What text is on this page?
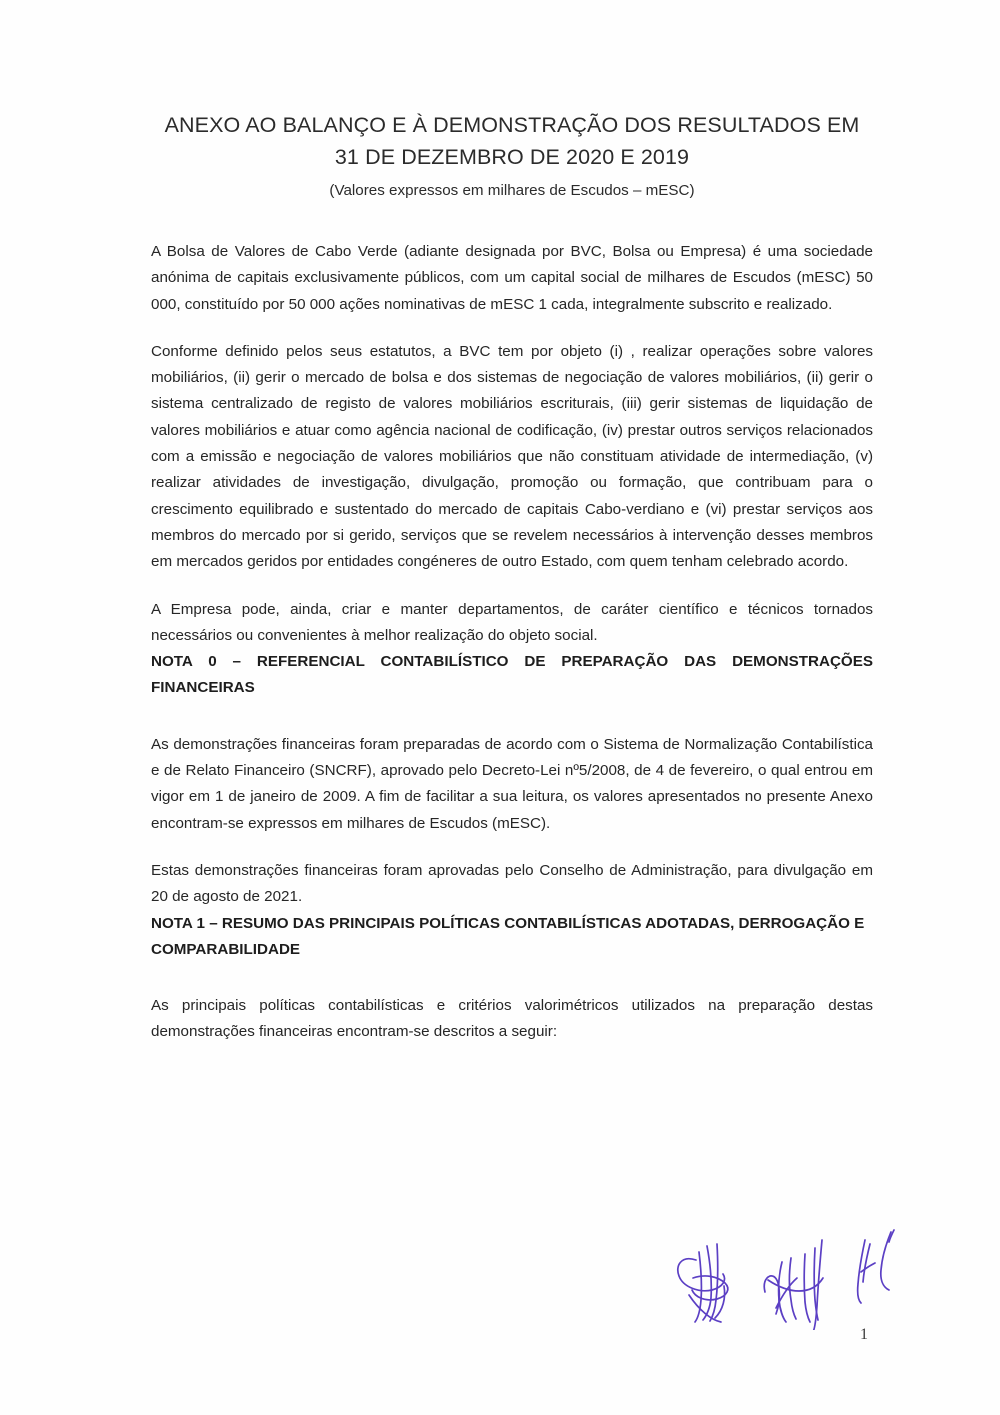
ANEXO AO BALANÇO E À DEMONSTRAÇÃO DOS RESULTADOS EM
31 DE DEZEMBRO DE 2020 E 2019

(Valores expressos em milhares de Escudos – mESC)

A Bolsa de Valores de Cabo Verde (adiante designada por BVC, Bolsa ou Empresa) é uma sociedade anónima de capitais exclusivamente públicos, com um capital social de milhares de Escudos (mESC) 50 000, constituído por 50 000 ações nominativas de mESC 1 cada, integralmente subscrito e realizado.

Conforme definido pelos seus estatutos, a BVC tem por objeto (i) , realizar operações sobre valores mobiliários, (ii) gerir o mercado de bolsa e dos sistemas de negociação de valores mobiliários, (ii) gerir o sistema centralizado de registo de valores mobiliários escriturais, (iii) gerir sistemas de liquidação de valores mobiliários e atuar como agência nacional de codificação, (iv) prestar outros serviços relacionados com a emissão e negociação de valores mobiliários que não constituam atividade de intermediação, (v) realizar atividades de investigação, divulgação, promoção ou formação, que contribuam para o crescimento equilibrado e sustentado do mercado de capitais Cabo-verdiano e (vi) prestar serviços aos membros do mercado por si gerido, serviços que se revelem necessários à intervenção desses membros em mercados geridos por entidades congéneres de outro Estado, com quem tenham celebrado acordo.

A Empresa pode, ainda, criar e manter departamentos, de caráter científico e técnicos tornados necessários ou convenientes à melhor realização do objeto social.

NOTA 0 – REFERENCIAL CONTABILÍSTICO DE PREPARAÇÃO DAS DEMONSTRAÇÕES
FINANCEIRAS

As demonstrações financeiras foram preparadas de acordo com o Sistema de Normalização Contabilística e de Relato Financeiro (SNCRF), aprovado pelo Decreto-Lei nº5/2008, de 4 de fevereiro, o qual entrou em vigor em 1 de janeiro de 2009. A fim de facilitar a sua leitura, os valores apresentados no presente Anexo encontram-se expressos em milhares de Escudos (mESC).

Estas demonstrações financeiras foram aprovadas pelo Conselho de Administração, para divulgação em 20 de agosto de 2021.

NOTA 1 – RESUMO DAS PRINCIPAIS POLÍTICAS CONTABILÍSTICAS ADOTADAS, DERROGAÇÃO E
COMPARABILIDADE

As principais políticas contabilísticas e critérios valorimétricos utilizados na preparação destas demonstrações financeiras encontram-se descritos a seguir:

1
